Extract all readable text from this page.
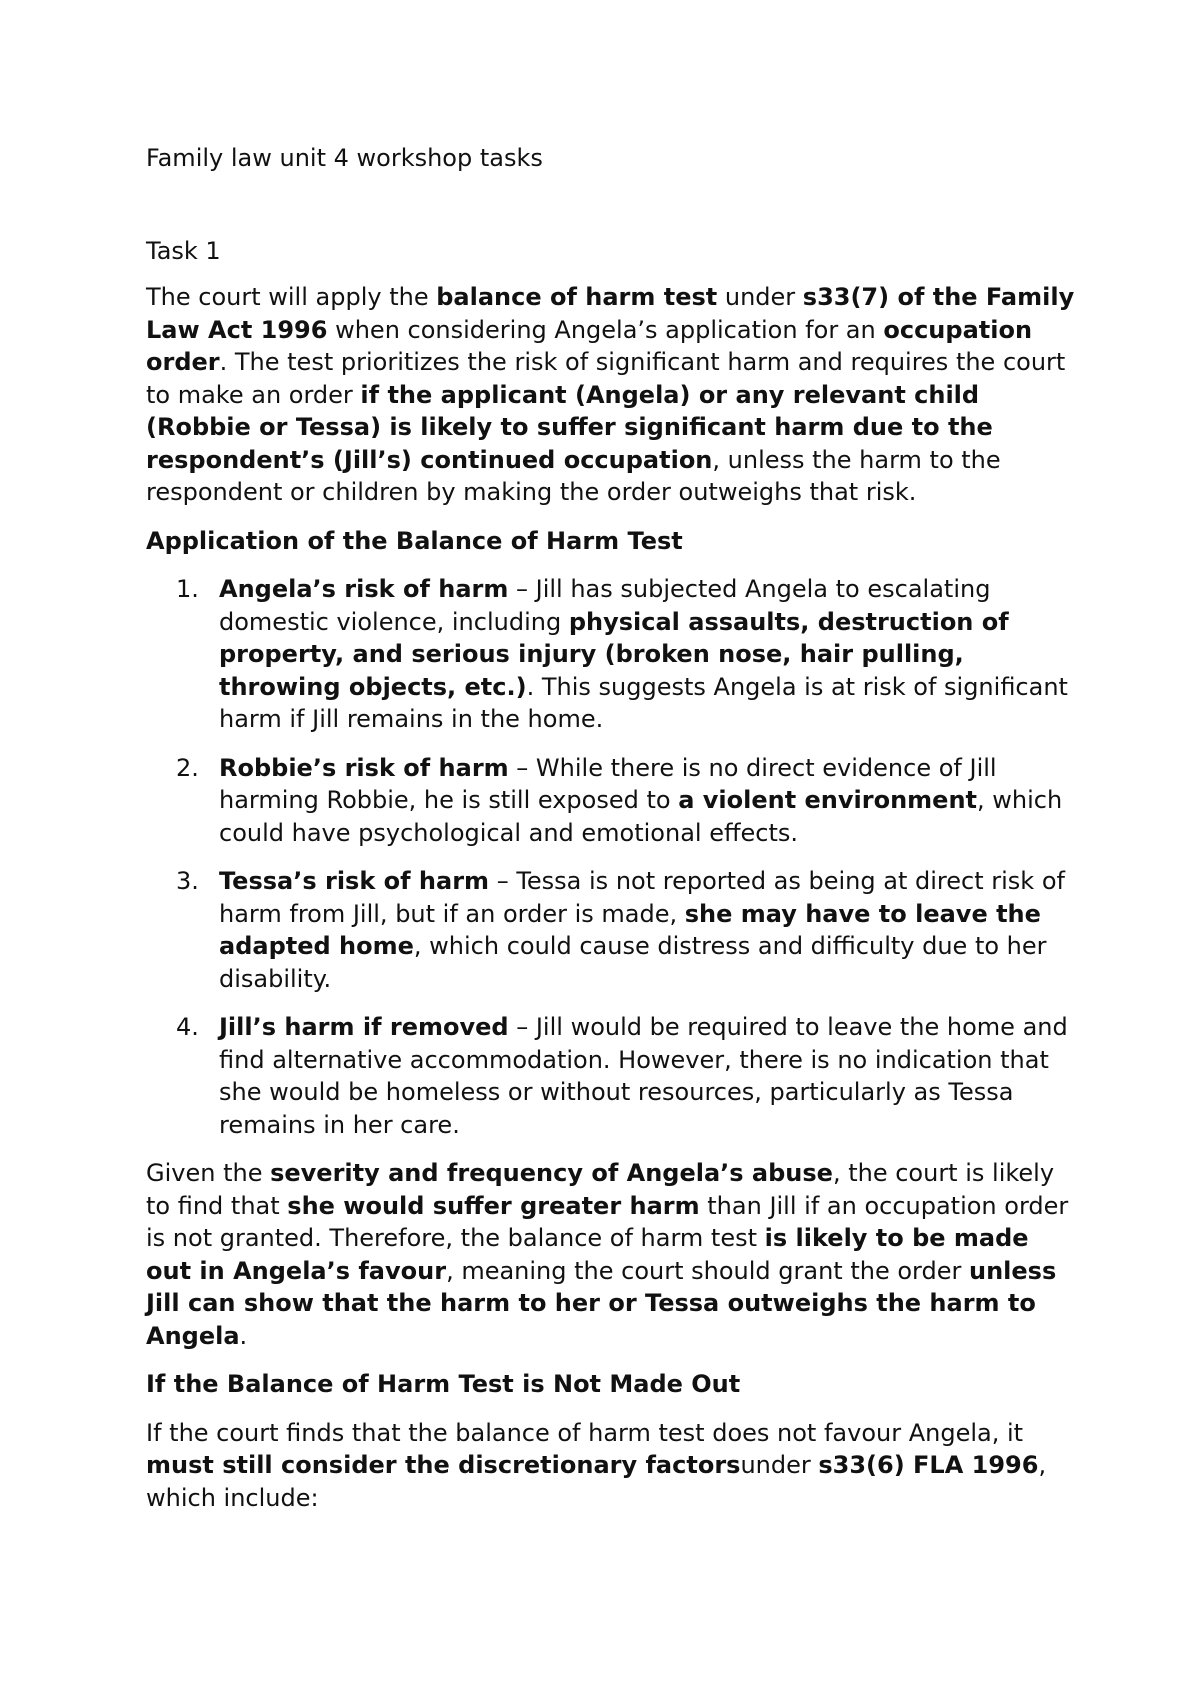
Family law unit 4 workshop tasks
Task 1

The court will apply the balance of harm test under s33(7) of the Family Law Act 1996 when considering Angela’s application for an occupation order. The test prioritizes the risk of significant harm and requires the court to make an order if the applicant (Angela) or any relevant child (Robbie or Tessa) is likely to suffer significant harm due to the respondent’s (Jill’s) continued occupation, unless the harm to the respondent or children by making the order outweighs that risk.

Application of the Balance of Harm Test
1. Angela’s risk of harm – Jill has subjected Angela to escalating domestic violence, including physical assaults, destruction of property, and serious injury (broken nose, hair pulling, throwing objects, etc.). This suggests Angela is at risk of significant harm if Jill remains in the home.
2. Robbie’s risk of harm – While there is no direct evidence of Jill harming Robbie, he is still exposed to a violent environment, which could have psychological and emotional effects.
3. Tessa’s risk of harm – Tessa is not reported as being at direct risk of harm from Jill, but if an order is made, she may have to leave the adapted home, which could cause distress and difficulty due to her disability.
4. Jill’s harm if removed – Jill would be required to leave the home and find alternative accommodation. However, there is no indication that she would be homeless or without resources, particularly as Tessa remains in her care.

Given the severity and frequency of Angela’s abuse, the court is likely to find that she would suffer greater harm than Jill if an occupation order is not granted. Therefore, the balance of harm test is likely to be made out in Angela’s favour, meaning the court should grant the order unless Jill can show that the harm to her or Tessa outweighs the harm to Angela.

If the Balance of Harm Test is Not Made Out

If the court finds that the balance of harm test does not favour Angela, it must still consider the discretionary factorsunder s33(6) FLA 1996, which include:
